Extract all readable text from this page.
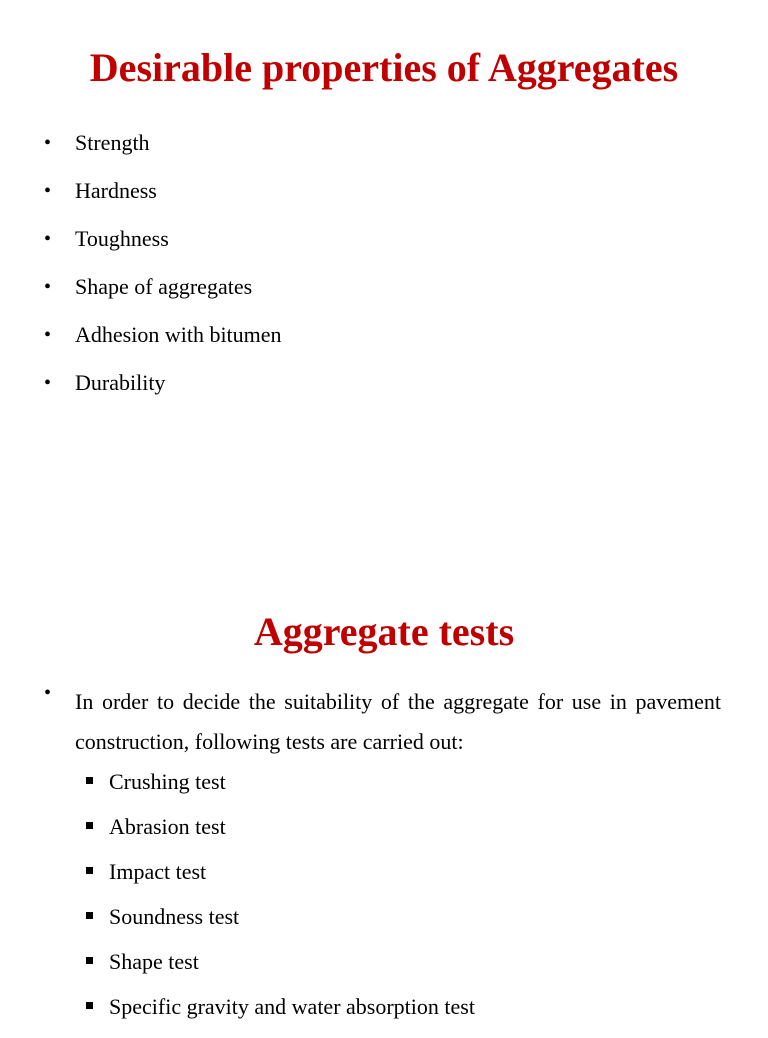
Desirable properties of Aggregates
• Strength
• Hardness
• Toughness
• Shape of aggregates
• Adhesion with bitumen
• Durability
Aggregate tests
• In order to decide the suitability of the aggregate for use in pavement construction, following tests are carried out:
Crushing test
Abrasion test
Impact test
Soundness test
Shape test
Specific gravity and water absorption test
